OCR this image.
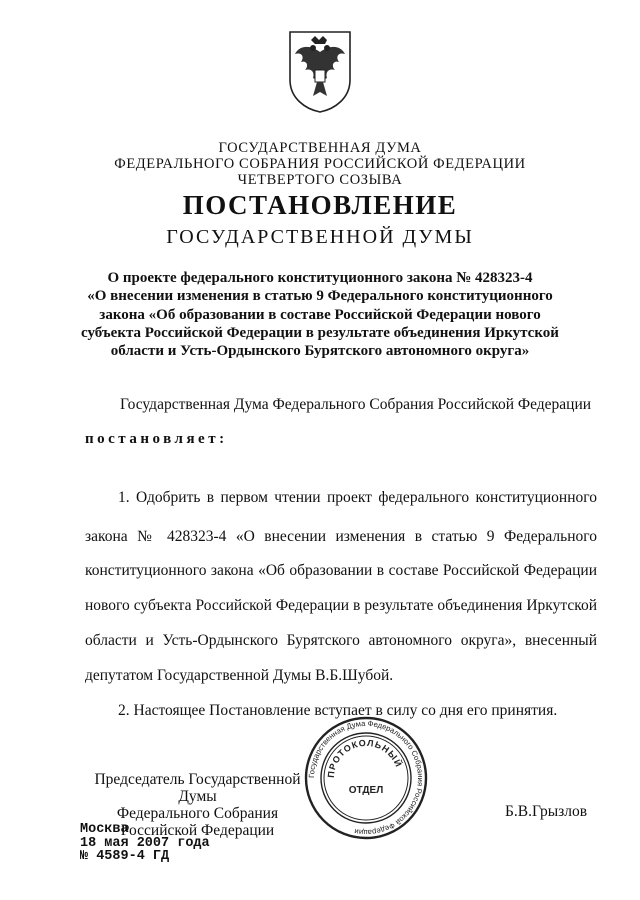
ГОСУДАРСТВЕННАЯ ДУМА
ФЕДЕРАЛЬНОГО СОБРАНИЯ РОССИЙСКОЙ ФЕДЕРАЦИИ
ЧЕТВЕРТОГО СОЗЫВА
ПОСТАНОВЛЕНИЕ
ГОСУДАРСТВЕННОЙ ДУМЫ
О проекте федерального конституционного закона № 428323-4
«О внесении изменения в статью 9 Федерального конституционного
закона «Об образовании в составе Российской Федерации нового
субъекта Российской Федерации в результате объединения Иркутской
области и Усть-Ордынского Бурятского автономного округа»
Государственная Дума Федерального Собрания Российской Федерации
постановляет:
1. Одобрить в первом чтении проект федерального конституционного
закона № 428323-4 «О внесении изменения в статью 9 Федерального
конституционного закона «Об образовании в составе Российской Федерации
нового субъекта Российской Федерации в результате объединения Иркутской
области и Усть-Ордынского Бурятского автономного округа», внесенный
депутатом Государственной Думы В.Б.Шубой.
2. Настоящее Постановление вступает в силу со дня его принятия.
Государственная Дума Федерального Собрания Российской Федерации
ПРОТОКОЛЬНЫЙ
ОТДЕЛ
Председатель Государственной Думы
Федерального Собрания
Российской Федерации
Б.В.Грызлов
Москва
18 мая 2007 года
№ 4589-4 ГД
